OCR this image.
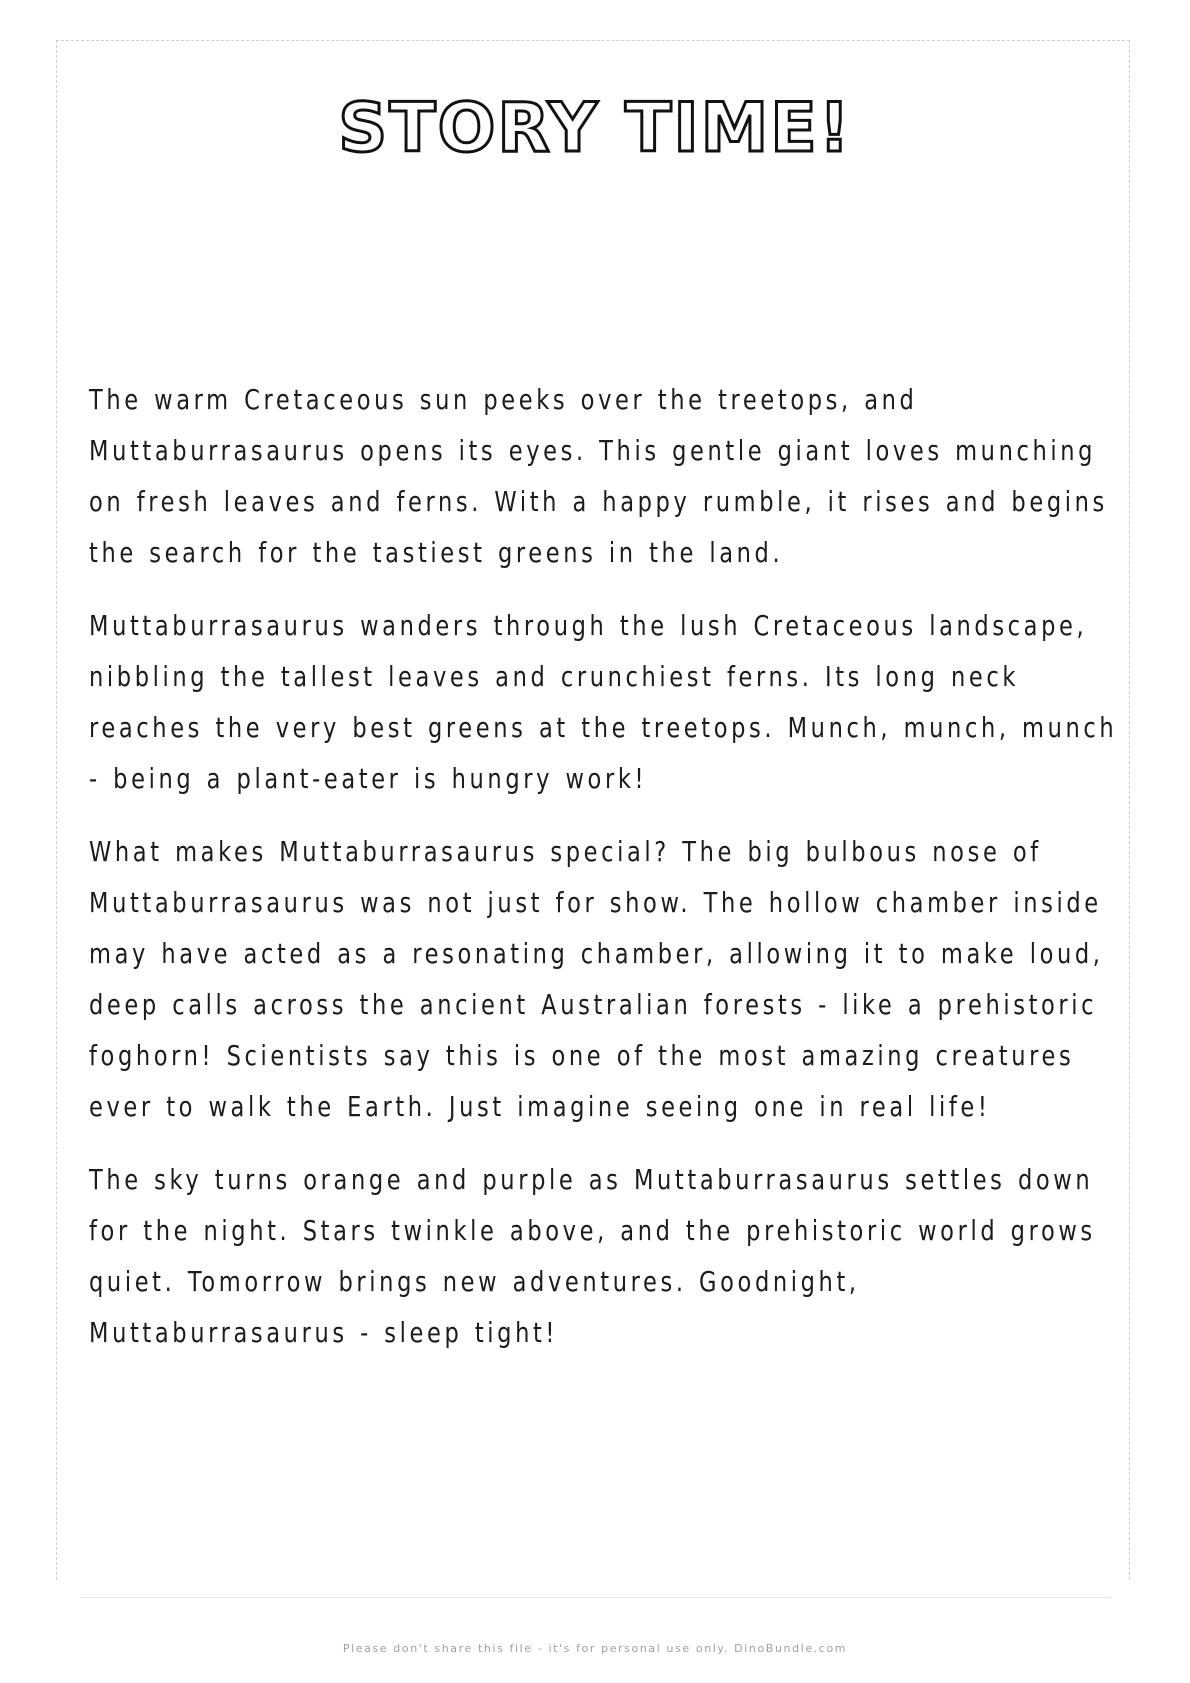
STORY TIME!

The warm Cretaceous sun peeks over the treetops, and Muttaburrasaurus opens its eyes. This gentle giant loves munching on fresh leaves and ferns. With a happy rumble, it rises and begins the search for the tastiest greens in the land.

Muttaburrasaurus wanders through the lush Cretaceous landscape, nibbling the tallest leaves and crunchiest ferns. Its long neck reaches the very best greens at the treetops. Munch, munch, munch - being a plant-eater is hungry work!

What makes Muttaburrasaurus special? The big bulbous nose of Muttaburrasaurus was not just for show. The hollow chamber inside may have acted as a resonating chamber, allowing it to make loud, deep calls across the ancient Australian forests - like a prehistoric foghorn! Scientists say this is one of the most amazing creatures ever to walk the Earth. Just imagine seeing one in real life!

The sky turns orange and purple as Muttaburrasaurus settles down for the night. Stars twinkle above, and the prehistoric world grows quiet. Tomorrow brings new adventures. Goodnight, Muttaburrasaurus - sleep tight!

Please don't share this file - it's for personal use only. DinoBundle.com
